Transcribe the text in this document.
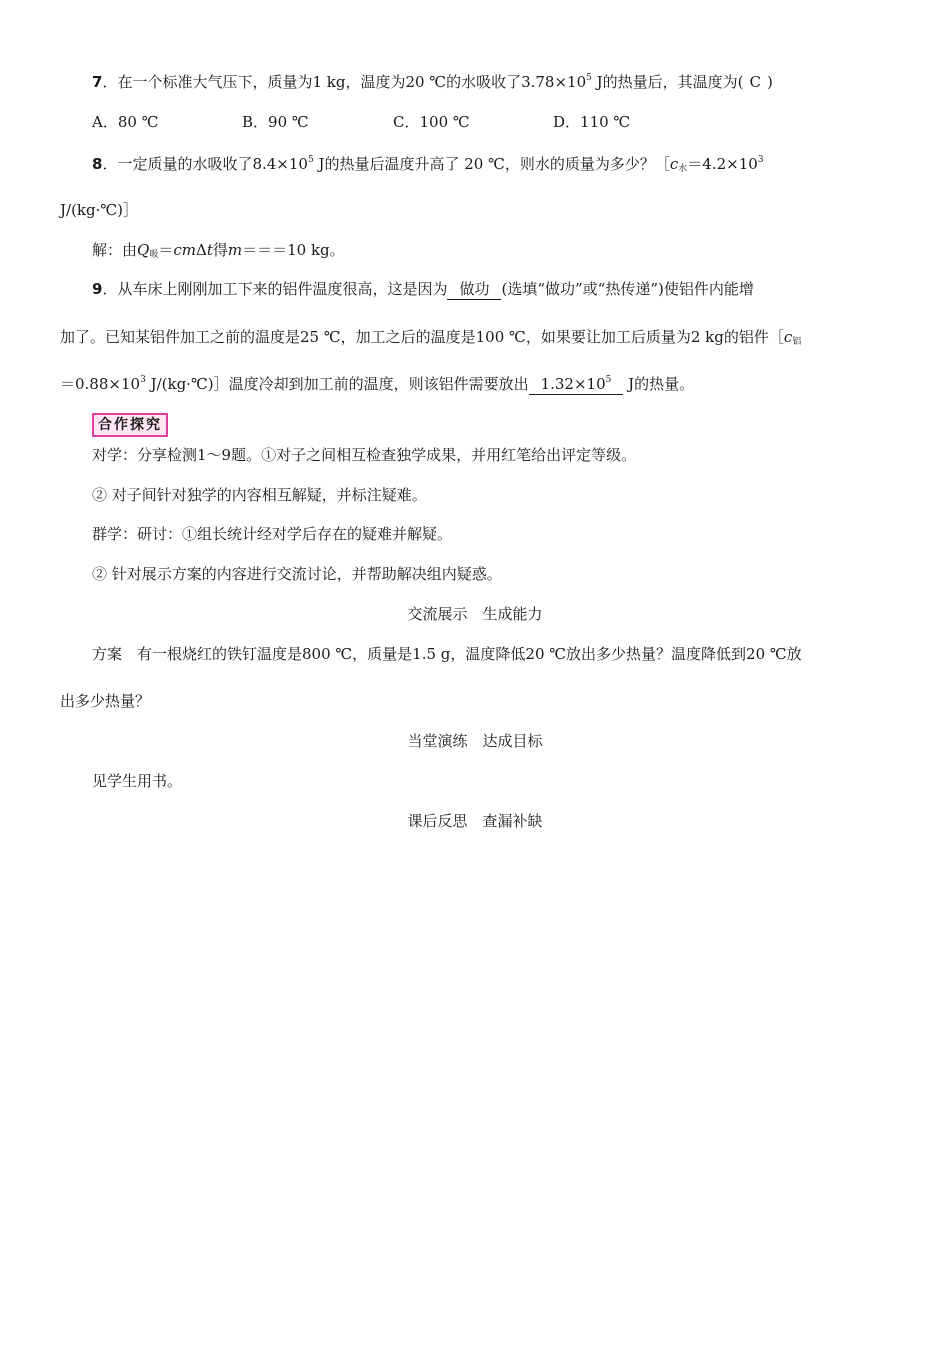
7．在一个标准大气压下，质量为1 kg，温度为20 ℃的水吸收了$3.78\times 10^5$ J的热量后，其温度为( C )
A．80 ℃	B．90 ℃	C．100 ℃	D．110 ℃
8．一定质量的水吸收了$8.4\times 10^5$ J的热量后温度升高了 20 ℃，则水的质量为多少？$[c_水=4.2\times 10^3$
J/(kg·℃)］
解：由$Q_吸=cm\Delta t$得m＝＝＝10 kg。
9．从车床上刚刚加工下来的铝件温度很高，这是因为 做功 (选填“做功”或“热传递”)使铝件内能增
加了。已知某铝件加工之前的温度是25 ℃，加工之后的温度是100 ℃，如果要让加工后质量为2 kg的铝件$[c_铝$
$=0.88\times 10^3$ J/(kg·℃)］温度冷却到加工前的温度，则该铝件需要放出 $1.32\times 10^5$ J的热量。
合作探究
对学：分享检测1～9题。①对子之间相互检查独学成果，并用红笔给出评定等级。
② 对子间针对独学的内容相互解疑，并标注疑难。
群学：研讨：①组长统计经对学后存在的疑难并解疑。
② 针对展示方案的内容进行交流讨论，并帮助解决组内疑惑。
交流展示　生成能力
方案　有一根烧红的铁钉温度是800 ℃，质量是1.5 g，温度降低20 ℃放出多少热量？温度降低到20 ℃放
出多少热量？
当堂演练　达成目标
见学生用书。
课后反思　查漏补缺
